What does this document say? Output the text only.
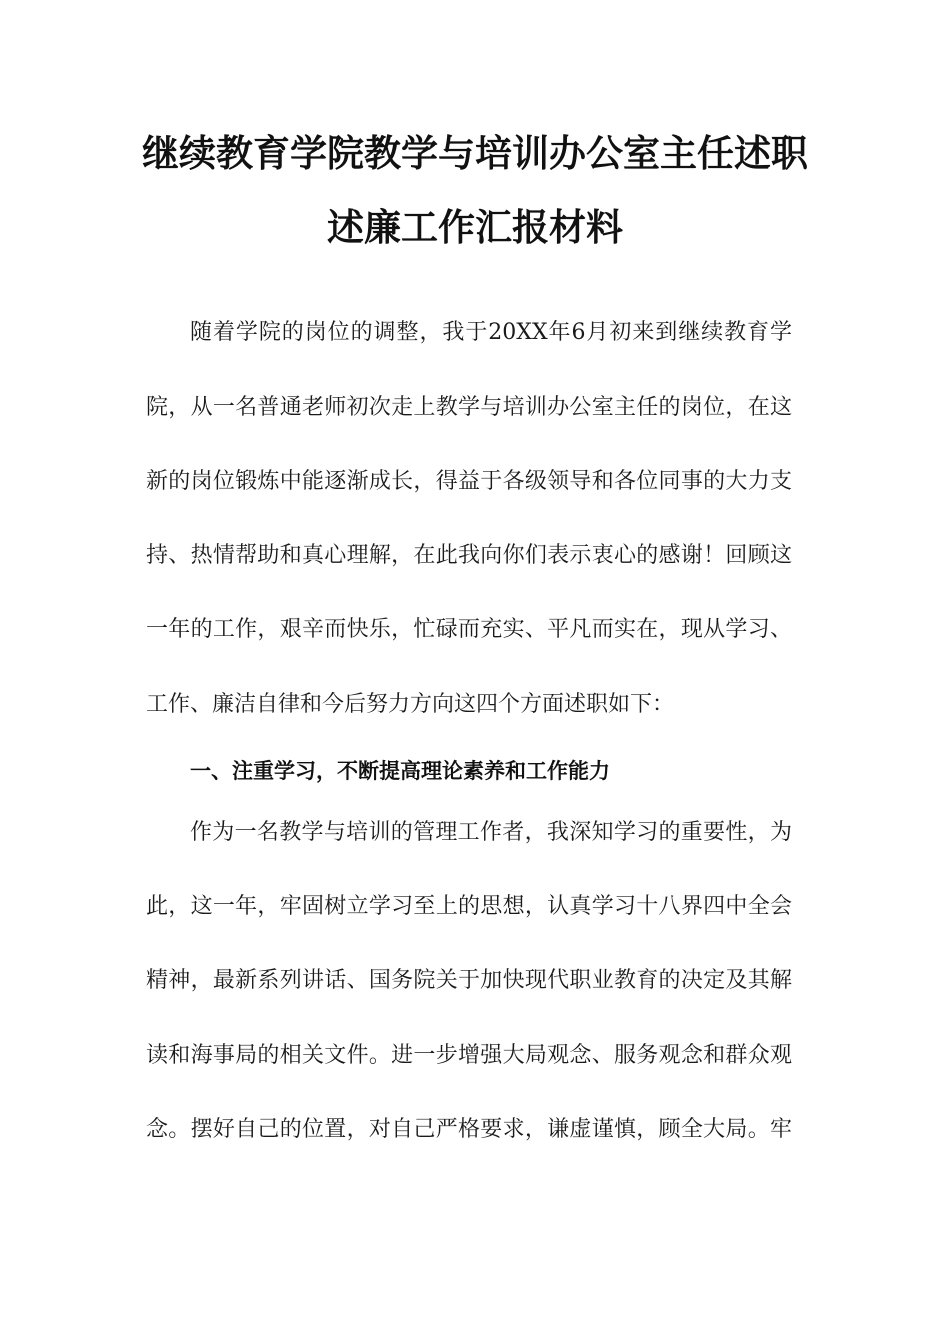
继续教育学院教学与培训办公室主任述职
述廉工作汇报材料
随着学院的岗位的调整，我于20XX年6月初来到继续教育学
院，从一名普通老师初次走上教学与培训办公室主任的岗位，在这
新的岗位锻炼中能逐渐成长，得益于各级领导和各位同事的大力支
持、热情帮助和真心理解，在此我向你们表示衷心的感谢！回顾这
一年的工作，艰辛而快乐，忙碌而充实、平凡而实在，现从学习、
工作、廉洁自律和今后努力方向这四个方面述职如下：
一、注重学习，不断提高理论素养和工作能力
作为一名教学与培训的管理工作者，我深知学习的重要性，为
此，这一年，牢固树立学习至上的思想，认真学习十八界四中全会
精神，最新系列讲话、国务院关于加快现代职业教育的决定及其解
读和海事局的相关文件。进一步增强大局观念、服务观念和群众观
念。摆好自己的位置，对自己严格要求，谦虚谨慎，顾全大局。牢
